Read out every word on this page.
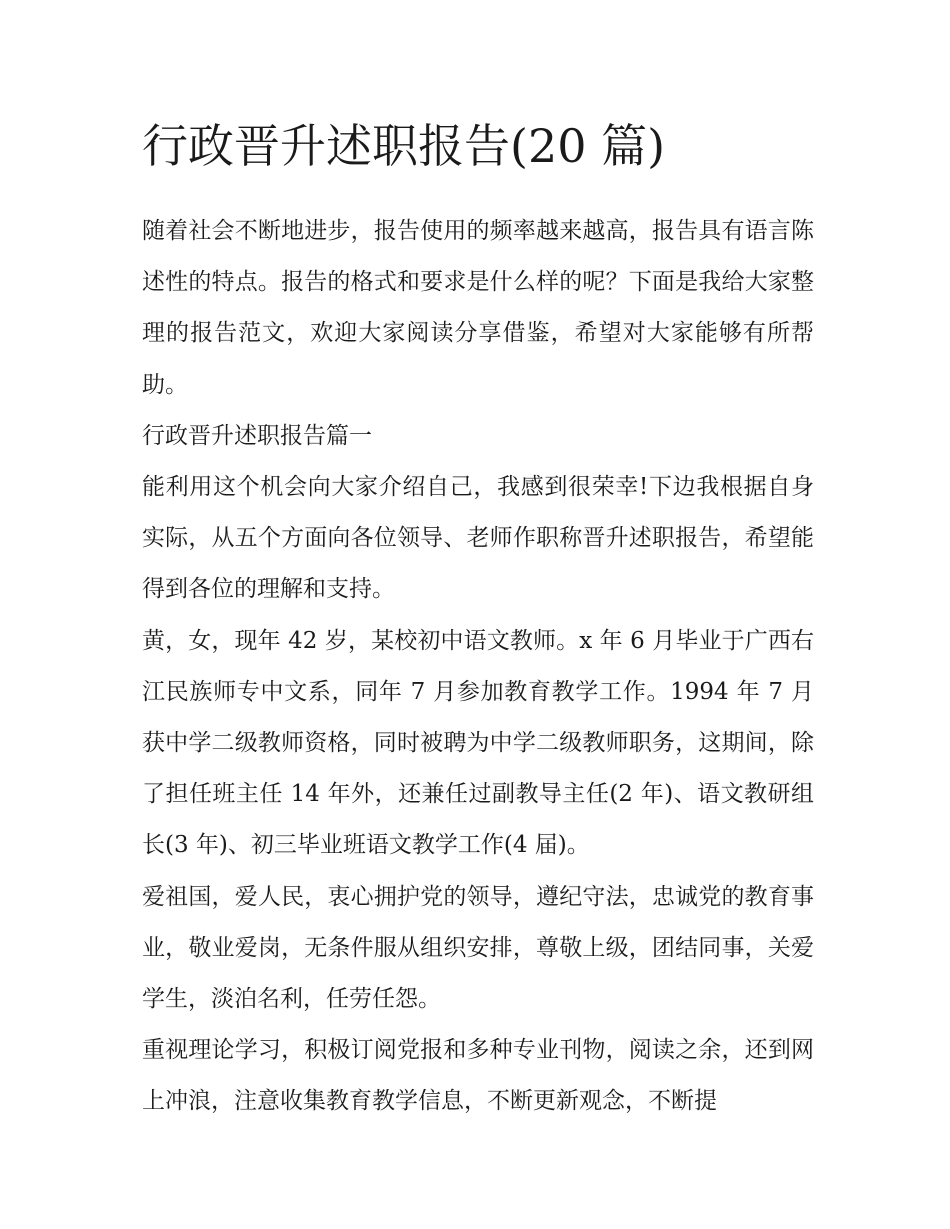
行政晋升述职报告(20 篇)

随着社会不断地进步，报告使用的频率越来越高，报告具有语言陈述性的特点。报告的格式和要求是什么样的呢？下面是我给大家整理的报告范文，欢迎大家阅读分享借鉴，希望对大家能够有所帮助。

行政晋升述职报告篇一

能利用这个机会向大家介绍自己，我感到很荣幸!下边我根据自身实际，从五个方面向各位领导、老师作职称晋升述职报告，希望能得到各位的理解和支持。

黄，女，现年 42 岁，某校初中语文教师。x 年 6 月毕业于广西右江民族师专中文系，同年 7 月参加教育教学工作。1994 年 7 月获中学二级教师资格，同时被聘为中学二级教师职务，这期间，除了担任班主任 14 年外，还兼任过副教导主任(2 年)、语文教研组长(3 年)、初三毕业班语文教学工作(4 届)。

爱祖国，爱人民，衷心拥护党的领导，遵纪守法，忠诚党的教育事业，敬业爱岗，无条件服从组织安排，尊敬上级，团结同事，关爱学生，淡泊名利，任劳任怨。

重视理论学习，积极订阅党报和多种专业刊物，阅读之余，还到网上冲浪，注意收集教育教学信息，不断更新观念，不断提
